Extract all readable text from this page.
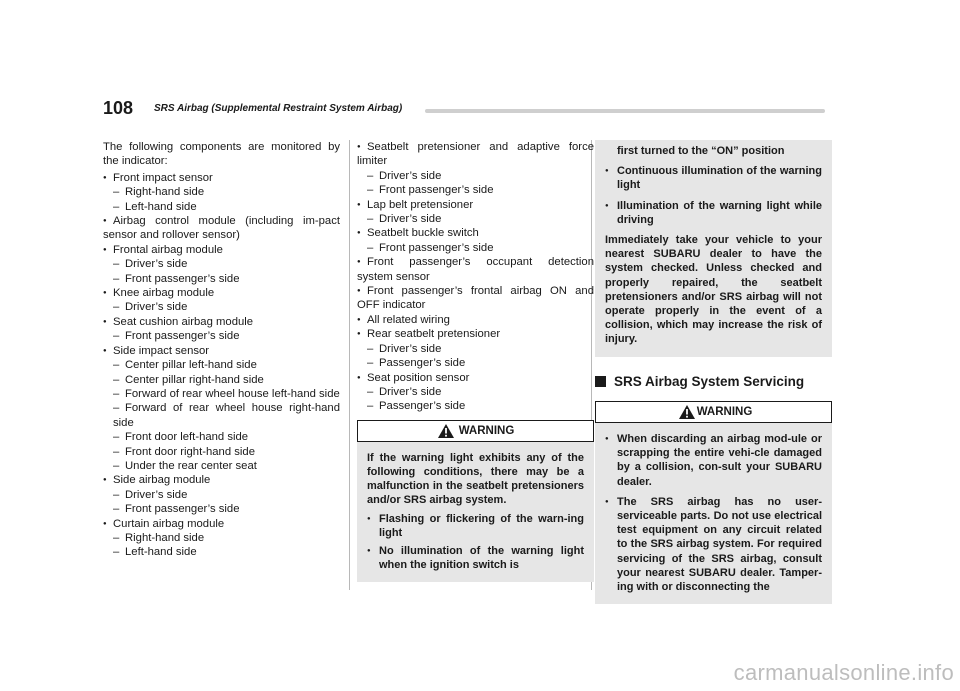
108 SRS Airbag (Supplemental Restraint System Airbag)
The following components are monitored by the indicator:
● Front impact sensor
– Right-hand side
– Left-hand side
● Airbag control module (including im-pact sensor and rollover sensor)
● Frontal airbag module
– Driver’s side
– Front passenger’s side
● Knee airbag module
– Driver’s side
● Seat cushion airbag module
– Front passenger’s side
● Side impact sensor
– Center pillar left-hand side
– Center pillar right-hand side
– Forward of rear wheel house left-hand side
– Forward of rear wheel house right-hand side
– Front door left-hand side
– Front door right-hand side
– Under the rear center seat
● Side airbag module
– Driver’s side
– Front passenger’s side
● Curtain airbag module
– Right-hand side
– Left-hand side
● Seatbelt pretensioner and adaptive force limiter
– Driver’s side
– Front passenger’s side
● Lap belt pretensioner
– Driver’s side
● Seatbelt buckle switch
– Front passenger’s side
● Front passenger’s occupant detection system sensor
● Front passenger’s frontal airbag ON and OFF indicator
● All related wiring
● Rear seatbelt pretensioner
– Driver’s side
– Passenger’s side
● Seat position sensor
– Driver’s side
– Passenger’s side
WARNING
If the warning light exhibits any of the following conditions, there may be a malfunction in the seatbelt pretensioners and/or SRS airbag system.
● Flashing or flickering of the warn-ing light
● No illumination of the warning light when the ignition switch is
first turned to the “ON” position
● Continuous illumination of the warning light
● Illumination of the warning light while driving
Immediately take your vehicle to your nearest SUBARU dealer to have the system checked. Unless checked and properly repaired, the seatbelt pretensioners and/or SRS airbag will not operate properly in the event of a collision, which may increase the risk of injury.
SRS Airbag System Servicing
WARNING
● When discarding an airbag mod-ule or scrapping the entire vehi-cle damaged by a collision, con-sult your SUBARU dealer.
● The SRS airbag has no user-serviceable parts. Do not use electrical test equipment on any circuit related to the SRS airbag system. For required servicing of the SRS airbag, consult your nearest SUBARU dealer. Tamper-ing with or disconnecting the
carmanualsonline.info
